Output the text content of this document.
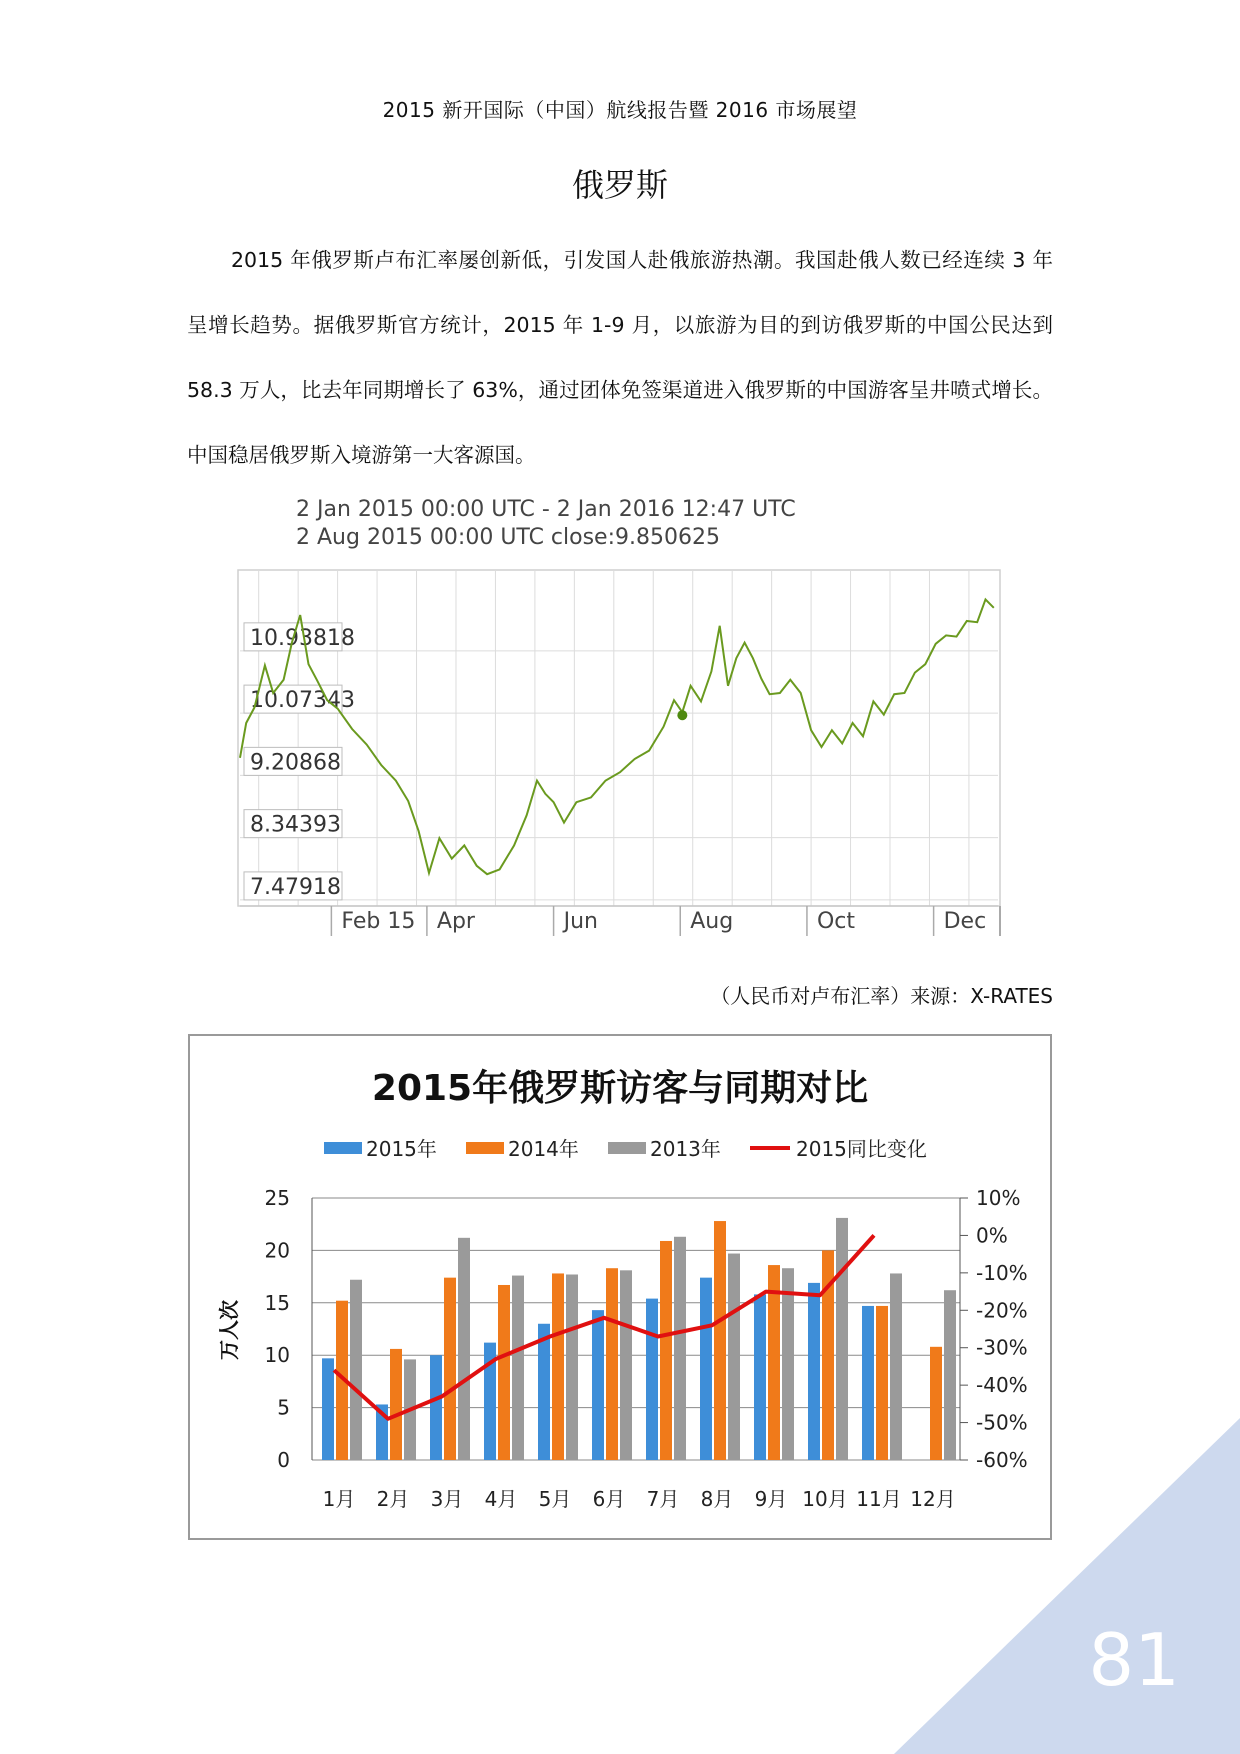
2015 新开国际（中国）航线报告暨 2016 市场展望
俄罗斯

2015 年俄罗斯卢布汇率屡创新低，引发国人赴俄旅游热潮。我国赴俄人数已经连续 3 年呈增长趋势。据俄罗斯官方统计，2015 年 1-9 月，以旅游为目的到访俄罗斯的中国公民达到 58.3 万人，比去年同期增长了 63%，通过团体免签渠道进入俄罗斯的中国游客呈井喷式增长。中国稳居俄罗斯入境游第一大客源国。

2 Jan 2015 00:00 UTC - 2 Jan 2016 12:47 UTC
2 Aug 2015 00:00 UTC close:9.850625
10.93818
10.07343
9.20868
8.34393
7.47918
Feb 15 Apr	Jun	Aug	Oct	Dec
（人民币对卢布汇率）来源：X-RATES
2015年俄罗斯访客与同期对比
2015年	2014年	2013年	2015同比变化
0
5
10
15
20
25	10%
0%
-10%
-20%
-30%
-40%
-50%
-60%
1月 2月 3月 4月 5月 6月 7月 8月 9月 10月 11月 12月
万人次
81
